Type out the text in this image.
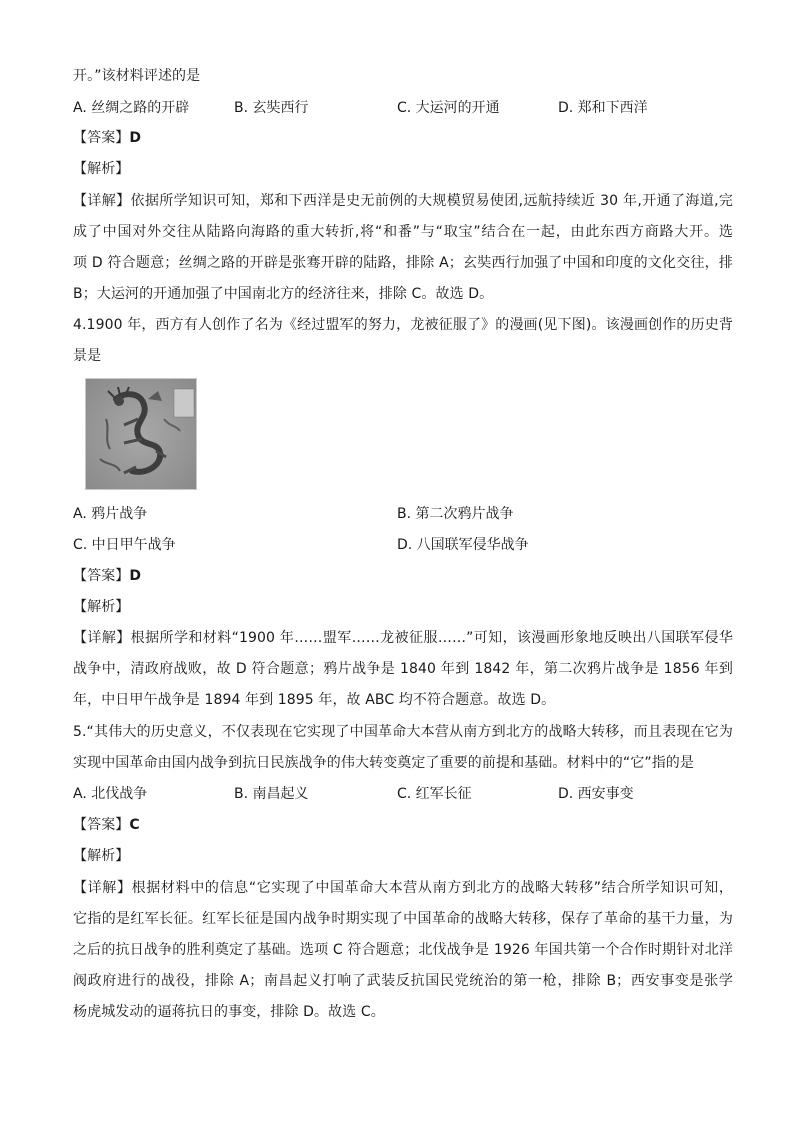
开。”该材料评述的是
A. 丝绸之路的开辟	B. 玄奘西行	C. 大运河的开通	D. 郑和下西洋
【答案】D
【解析】
【详解】依据所学知识可知，郑和下西洋是史无前例的大规模贸易使团,远航持续近 30 年,开通了海道,完
成了中国对外交往从陆路向海路的重大转折,将“和番”与“取宝”结合在一起，由此东西方商路大开。选
项 D 符合题意；丝绸之路的开辟是张骞开辟的陆路，排除 A；玄奘西行加强了中国和印度的文化交往，排
B；大运河的开通加强了中国南北方的经济往来，排除 C。故选 D。
4.1900 年，西方有人创作了名为《经过盟军的努力，龙被征服了》的漫画(见下图)。该漫画创作的历史背
景是
A. 鸦片战争	B. 第二次鸦片战争
C. 中日甲午战争	D. 八国联军侵华战争
【答案】D
【解析】
【详解】根据所学和材料“1900 年……盟军……龙被征服……”可知，该漫画形象地反映出八国联军侵华
战争中，清政府战败，故 D 符合题意；鸦片战争是 1840 年到 1842 年，第二次鸦片战争是 1856 年到
年，中日甲午战争是 1894 年到 1895 年，故 ABC 均不符合题意。故选 D。
5.“其伟大的历史意义，不仅表现在它实现了中国革命大本营从南方到北方的战略大转移，而且表现在它为
实现中国革命由国内战争到抗日民族战争的伟大转变奠定了重要的前提和基础。材料中的“它”指的是
A. 北伐战争	B. 南昌起义	C. 红军长征	D. 西安事变
【答案】C
【解析】
【详解】根据材料中的信息“它实现了中国革命大本营从南方到北方的战略大转移”结合所学知识可知，
它指的是红军长征。红军长征是国内战争时期实现了中国革命的战略大转移，保存了革命的基干力量，为
之后的抗日战争的胜利奠定了基础。选项 C 符合题意；北伐战争是 1926 年国共第一个合作时期针对北洋
阀政府进行的战役，排除 A；南昌起义打响了武装反抗国民党统治的第一枪，排除 B；西安事变是张学
杨虎城发动的逼蒋抗日的事变，排除 D。故选 C。
